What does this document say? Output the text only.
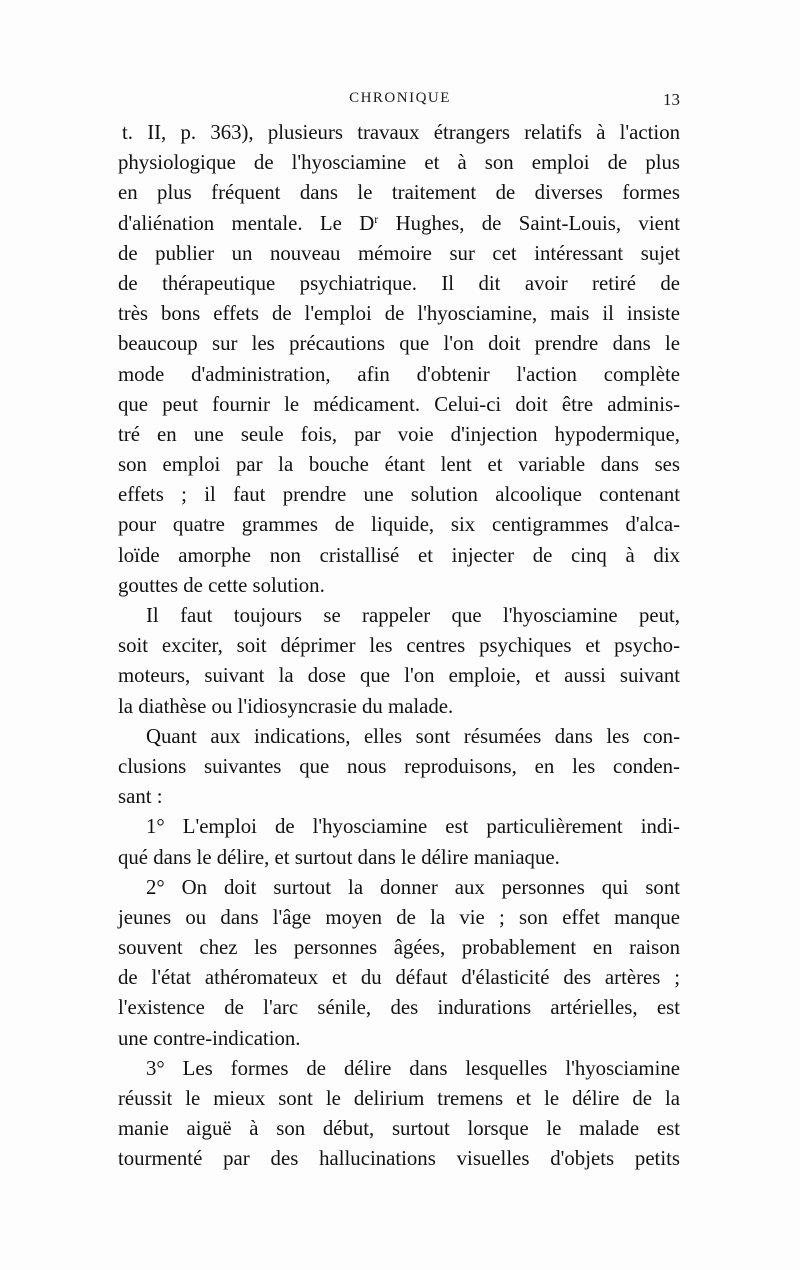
CHRONIQUE	13
t. II, p. 363), plusieurs travaux étrangers relatifs à l'action
physiologique de l'hyosciamine et à son emploi de plus
en plus fréquent dans le traitement de diverses formes
d'aliénation mentale. Le $D^r$ Hughes, de Saint-Louis, vient
de publier un nouveau mémoire sur cet intéressant sujet
de thérapeutique psychiatrique. Il dit avoir retiré de
très bons effets de l'emploi de l'hyosciamine, mais il insiste
beaucoup sur les précautions que l'on doit prendre dans le
mode d'administration, afin d'obtenir l'action complète
que peut fournir le médicament. Celui-ci doit être adminis-
tré en une seule fois, par voie d'injection hypodermique,
son emploi par la bouche étant lent et variable dans ses
effets ; il faut prendre une solution alcoolique contenant
pour quatre grammes de liquide, six centigrammes d'alca-
loïde amorphe non cristallisé et injecter de cinq à dix
gouttes de cette solution.
Il faut toujours se rappeler que l'hyosciamine peut,
soit exciter, soit déprimer les centres psychiques et psycho-
moteurs, suivant la dose que l'on emploie, et aussi suivant
la diathèse ou l'idiosyncrasie du malade.
Quant aux indications, elles sont résumées dans les con-
clusions suivantes que nous reproduisons, en les conden-
sant :
1° L'emploi de l'hyosciamine est particulièrement indi-
qué dans le délire, et surtout dans le délire maniaque.
2° On doit surtout la donner aux personnes qui sont
jeunes ou dans l'âge moyen de la vie ; son effet manque
souvent chez les personnes âgées, probablement en raison
de l'état athéromateux et du défaut d'élasticité des artères ;
l'existence de l'arc sénile, des indurations artérielles, est
une contre-indication.
3° Les formes de délire dans lesquelles l'hyosciamine
réussit le mieux sont le delirium tremens et le délire de la
manie aiguë à son début, surtout lorsque le malade est
tourmenté par des hallucinations visuelles d'objets petits
